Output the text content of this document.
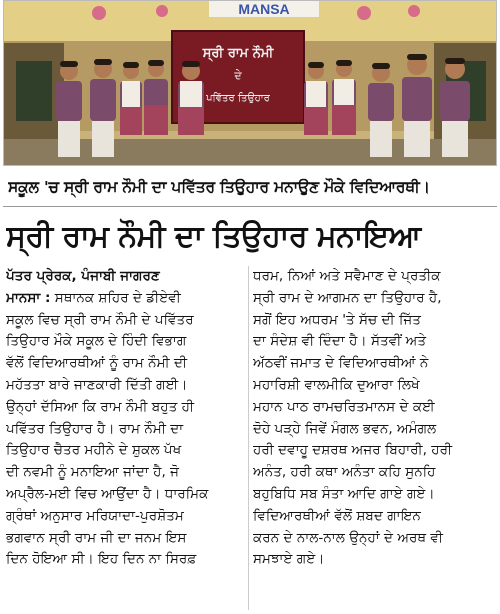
MANSA
ਸ੍ਰੀ ਰਾਮ ਨੌਮੀ
ਦੇ
ਪਵਿੱਤਰ ਤਿਉਹਾਰ
ਸਕੂਲ 'ਚ ਸ੍ਰੀ ਰਾਮ ਨੌਮੀ ਦਾ ਪਵਿੱਤਰ ਤਿਉਹਾਰ ਮਨਾਉਣ ਮੌਕੇ ਵਿਦਿਆਰਥੀ।
ਸ੍ਰੀ ਰਾਮ ਨੌਮੀ ਦਾ ਤਿਉਹਾਰ ਮਨਾਇਆ
ਪੱਤਰ ਪ੍ਰੇਰਕ, ਪੰਜਾਬੀ ਜਾਗਰਣ
ਮਾਨਸਾ : ਸਥਾਨਕ ਸ਼ਹਿਰ ਦੇ ਡੀਏਵੀ
ਸਕੂਲ ਵਿਚ ਸ੍ਰੀ ਰਾਮ ਨੌਮੀ ਦੇ ਪਵਿੱਤਰ
ਤਿਉਹਾਰ ਮੌਕੇ ਸਕੂਲ ਦੇ ਹਿੰਦੀ ਵਿਭਾਗ
ਵੱਲੋਂ ਵਿਦਿਆਰਥੀਆਂ ਨੂੰ ਰਾਮ ਨੌਮੀ ਦੀ
ਮਹੱਤਤਾ ਬਾਰੇ ਜਾਣਕਾਰੀ ਦਿੱਤੀ ਗਈ।
ਉਨ੍ਹਾਂ ਦੱਸਿਆ ਕਿ ਰਾਮ ਨੌਮੀ ਬਹੁਤ ਹੀ
ਪਵਿੱਤਰ ਤਿਉਹਾਰ ਹੈ। ਰਾਮ ਨੌਮੀ ਦਾ
ਤਿਉਹਾਰ ਚੈਤਰ ਮਹੀਨੇ ਦੇ ਸ਼ੁਕਲ ਪੱਖ
ਦੀ ਨਵਮੀ ਨੂੰ ਮਨਾਇਆ ਜਾਂਦਾ ਹੈ, ਜੋ
ਅਪ੍ਰੈਲ-ਮਈ ਵਿਚ ਆਉਂਦਾ ਹੈ। ਧਾਰਮਿਕ
ਗ੍ਰੰਥਾਂ ਅਨੁਸਾਰ ਮਰਿਯਾਦਾ-ਪੁਰਸ਼ੋਤਮ
ਭਗਵਾਨ ਸ੍ਰੀ ਰਾਮ ਜੀ ਦਾ ਜਨਮ ਇਸ
ਦਿਨ ਹੋਇਆ ਸੀ। ਇਹ ਦਿਨ ਨਾ ਸਿਰਫ਼
ਧਰਮ, ਨਿਆਂ ਅਤੇ ਸਵੈਮਾਣ ਦੇ ਪ੍ਰਤੀਕ
ਸ੍ਰੀ ਰਾਮ ਦੇ ਆਗਮਨ ਦਾ ਤਿਉਹਾਰ ਹੈ,
ਸਗੋਂ ਇਹ ਅਧਰਮ 'ਤੇ ਸੱਚ ਦੀ ਜਿੱਤ
ਦਾ ਸੰਦੇਸ਼ ਵੀ ਦਿੰਦਾ ਹੈ। ਸੱਤਵੀਂ ਅਤੇ
ਅੱਠਵੀਂ ਜਮਾਤ ਦੇ ਵਿਦਿਆਰਥੀਆਂ ਨੇ
ਮਹਾਰਿਸ਼ੀ ਵਾਲਮੀਕਿ ਦੁਆਰਾ ਲਿਖੇ
ਮਹਾਨ ਪਾਠ ਰਾਮਚਰਿਤਮਾਨਸ ਦੇ ਕਈ
ਦੋਹੇ ਪੜ੍ਹੇ ਜਿਵੇਂ ਮੰਗਲ ਭਵਨ, ਅਮੰਗਲ
ਹਰੀ ਦਵਾਹੂ ਦਸ਼ਰਥ ਅਜਰ ਬਿਹਾਰੀ, ਹਰੀ
ਅਨੰਤ, ਹਰੀ ਕਥਾ ਅਨੰਤਾ ਕਹਿ ਸੁਨਹਿ
ਬਹੁਬਿਧਿ ਸਬ ਸੰਤਾ ਆਦਿ ਗਾਏ ਗਏ।
ਵਿਦਿਆਰਥੀਆਂ ਵੱਲੋਂ ਸ਼ਬਦ ਗਾਇਨ
ਕਰਨ ਦੇ ਨਾਲ-ਨਾਲ ਉਨ੍ਹਾਂ ਦੇ ਅਰਥ ਵੀ
ਸਮਝਾਏ ਗਏ।
